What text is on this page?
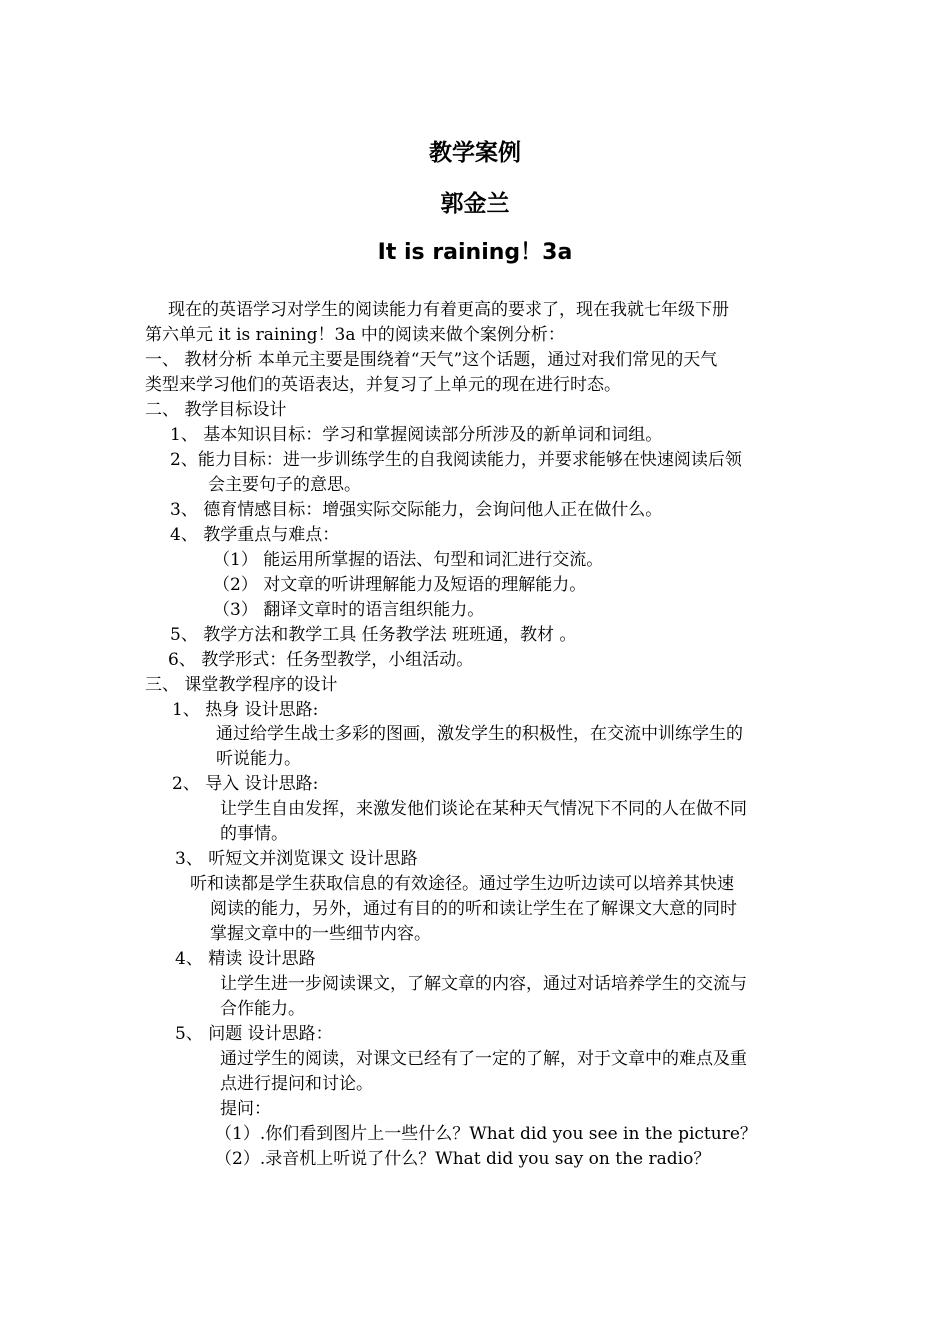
教学案例
郭金兰
It is raining！3a
现在的英语学习对学生的阅读能力有着更高的要求了，现在我就七年级下册
第六单元 it is raining！3a 中的阅读来做个案例分析：
一、 教材分析 本单元主要是围绕着“天气”这个话题，通过对我们常见的天气
类型来学习他们的英语表达，并复习了上单元的现在进行时态。
二、 教学目标设计
1、 基本知识目标：学习和掌握阅读部分所涉及的新单词和词组。
2、能力目标：进一步训练学生的自我阅读能力，并要求能够在快速阅读后领
会主要句子的意思。
3、 德育情感目标：增强实际交际能力，会询问他人正在做什么。
4、 教学重点与难点：
（1） 能运用所掌握的语法、句型和词汇进行交流。
（2） 对文章的听讲理解能力及短语的理解能力。
（3） 翻译文章时的语言组织能力。
5、 教学方法和教学工具 任务教学法 班班通，教材 。
6、 教学形式：任务型教学，小组活动。
三、 课堂教学程序的设计
1、 热身 设计思路:
通过给学生战士多彩的图画，激发学生的积极性，在交流中训练学生的
听说能力。
2、 导入 设计思路:
让学生自由发挥，来激发他们谈论在某种天气情况下不同的人在做不同
的事情。
3、 听短文并浏览课文 设计思路
听和读都是学生获取信息的有效途径。通过学生边听边读可以培养其快速
阅读的能力，另外，通过有目的的听和读让学生在了解课文大意的同时
掌握文章中的一些细节内容。
4、 精读 设计思路
让学生进一步阅读课文，了解文章的内容，通过对话培养学生的交流与
合作能力。
5、 问题 设计思路：
通过学生的阅读，对课文已经有了一定的了解，对于文章中的难点及重
点进行提问和讨论。
提问：
（1）.你们看到图片上一些什么？What did you see in the picture？
（2）.录音机上听说了什么？What did you say on the radio？
